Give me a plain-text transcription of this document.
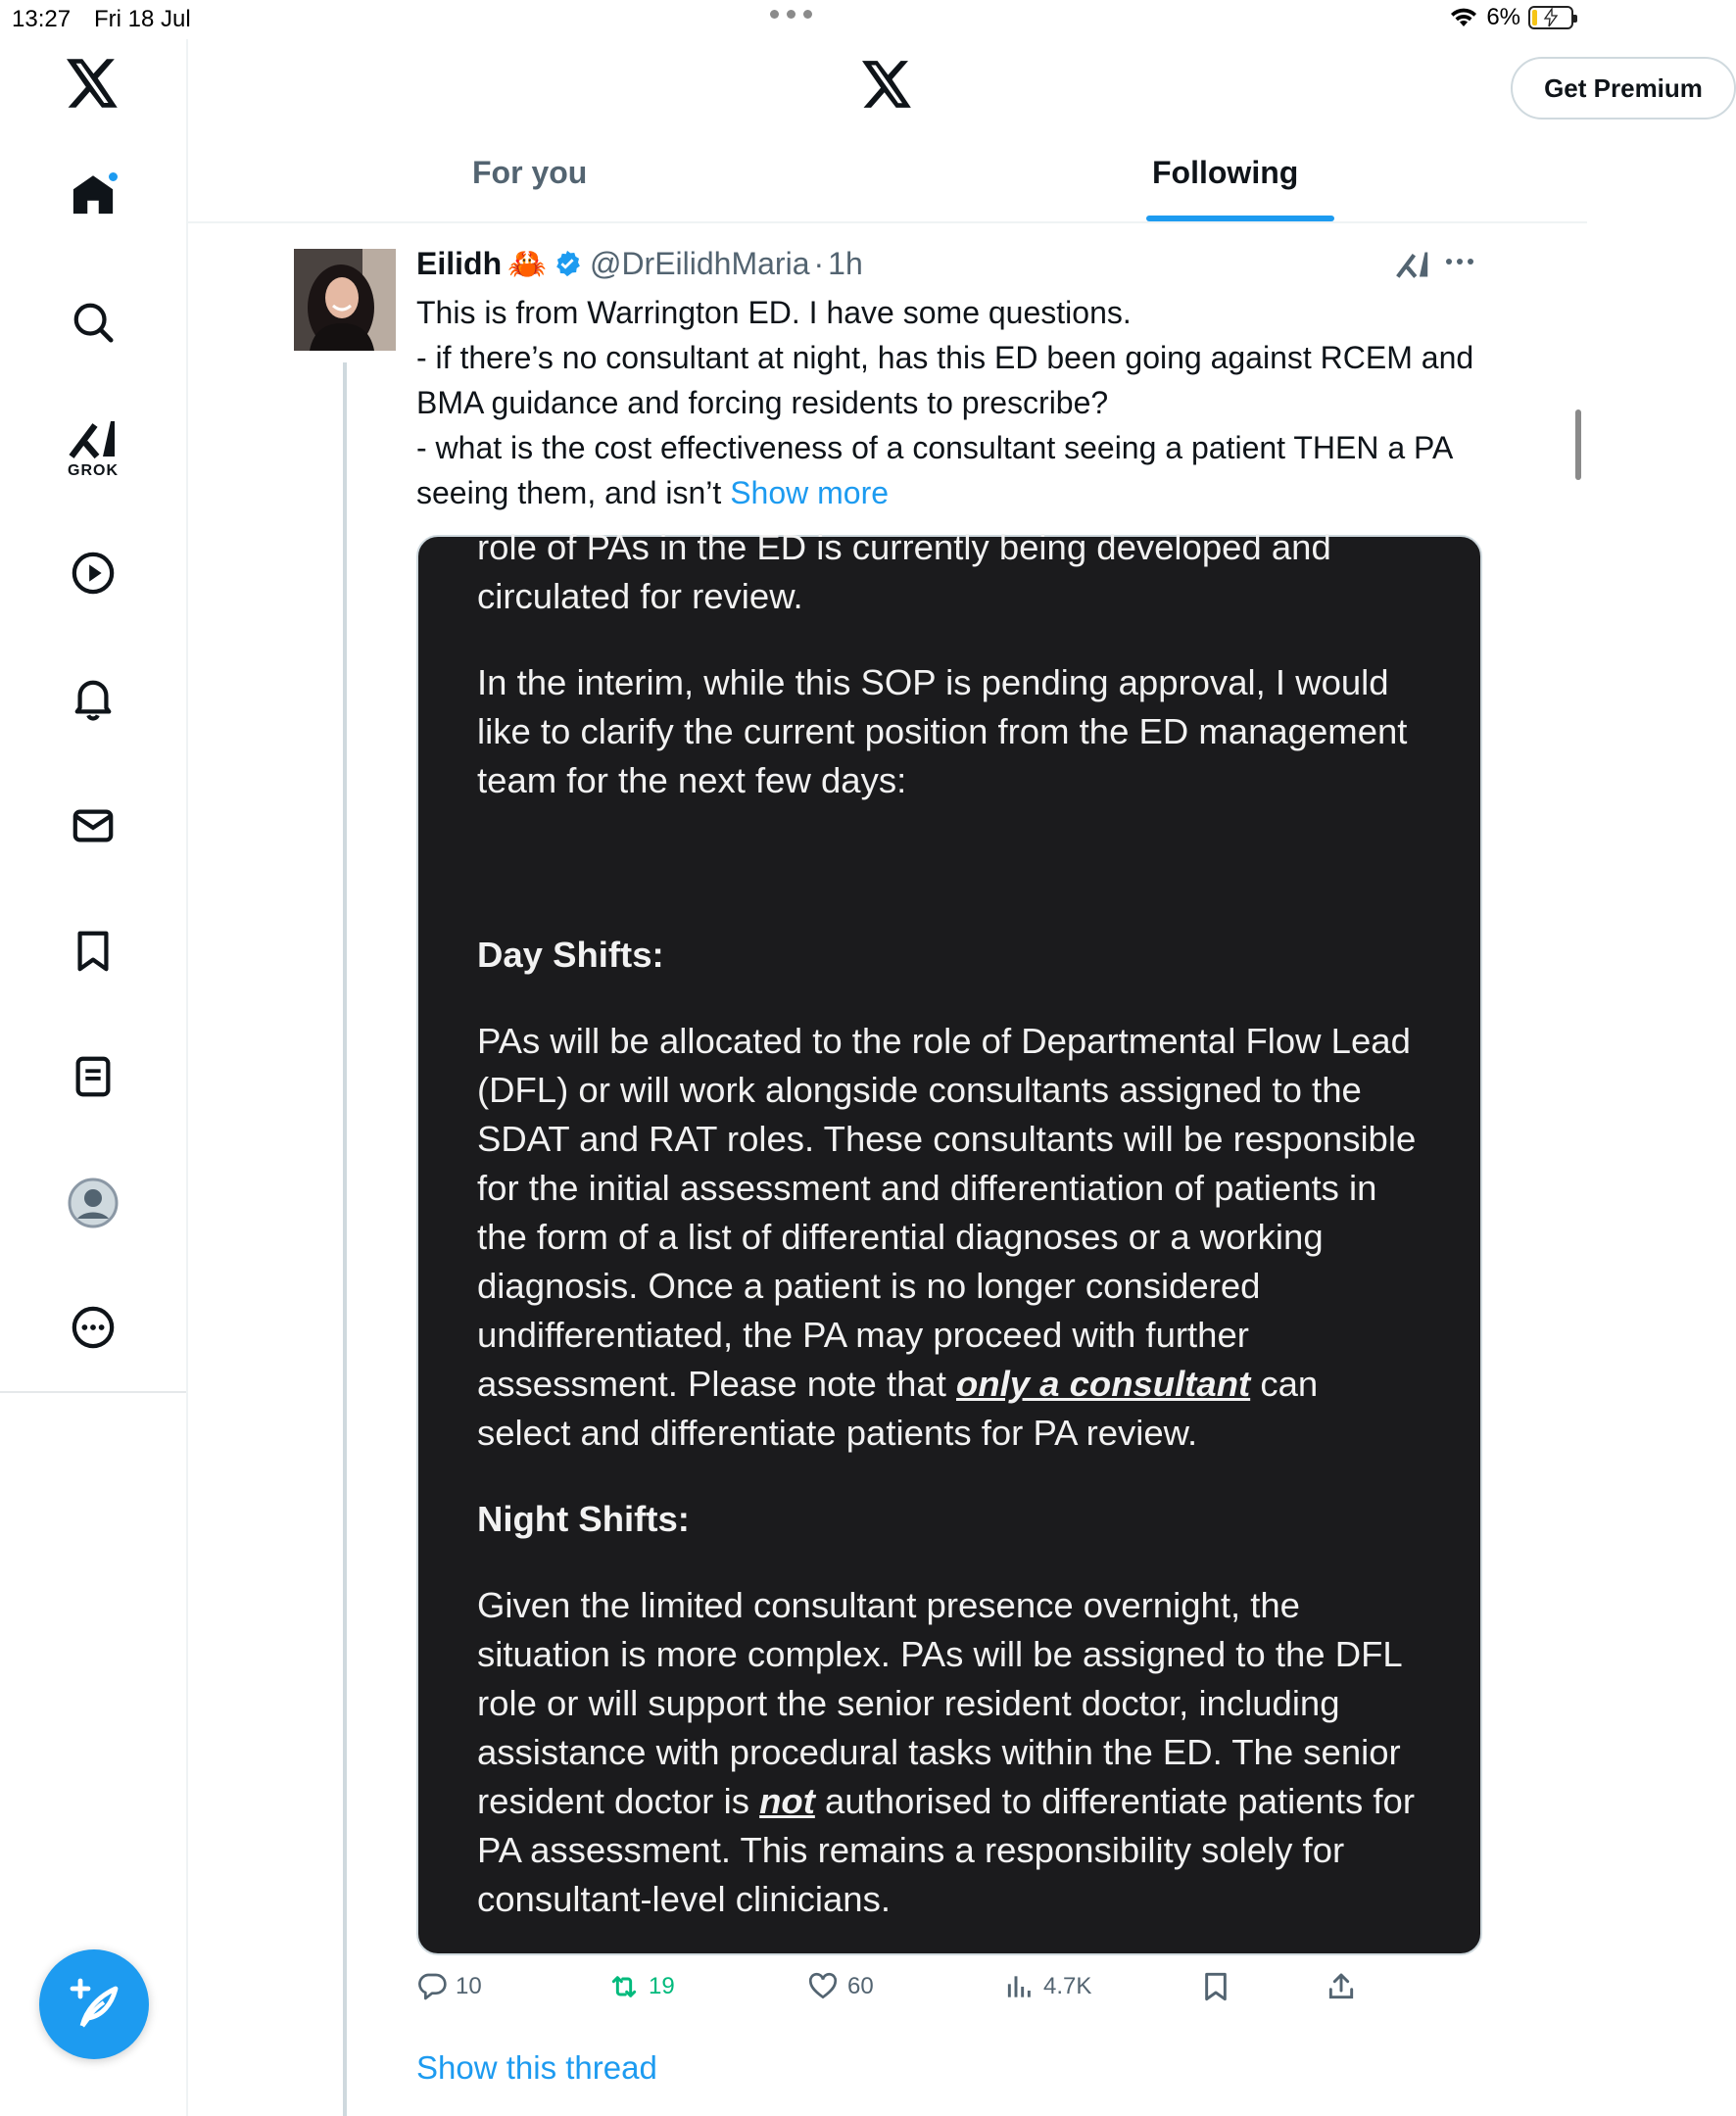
13:27 Fri 18 Jul	6%
GROK
Get Premium
For you	Following
Eilidh 🦀 @DrEilidhMaria · 1h
This is from Warrington ED. I have some questions.
- if there’s no consultant at night, has this ED been going against RCEM and BMA guidance and forcing residents to prescribe?
- what is the cost effectiveness of a consultant seeing a patient THEN a PA seeing them, and isn’t Show more

role of PAs in the ED is currently being developed and circulated for review.

In the interim, while this SOP is pending approval, I would like to clarify the current position from the ED management team for the next few days:

Day Shifts:

PAs will be allocated to the role of Departmental Flow Lead (DFL) or will work alongside consultants assigned to the SDAT and RAT roles. These consultants will be responsible for the initial assessment and differentiation of patients in the form of a list of differential diagnoses or a working diagnosis. Once a patient is no longer considered undifferentiated, the PA may proceed with further assessment. Please note that only a consultant can select and differentiate patients for PA review.

Night Shifts:

Given the limited consultant presence overnight, the situation is more complex. PAs will be assigned to the DFL role or will support the senior resident doctor, including assistance with procedural tasks within the ED. The senior resident doctor is not authorised to differentiate patients for PA assessment. This remains a responsibility solely for consultant-level clinicians.

10	19	60	4.7K
Show this thread
